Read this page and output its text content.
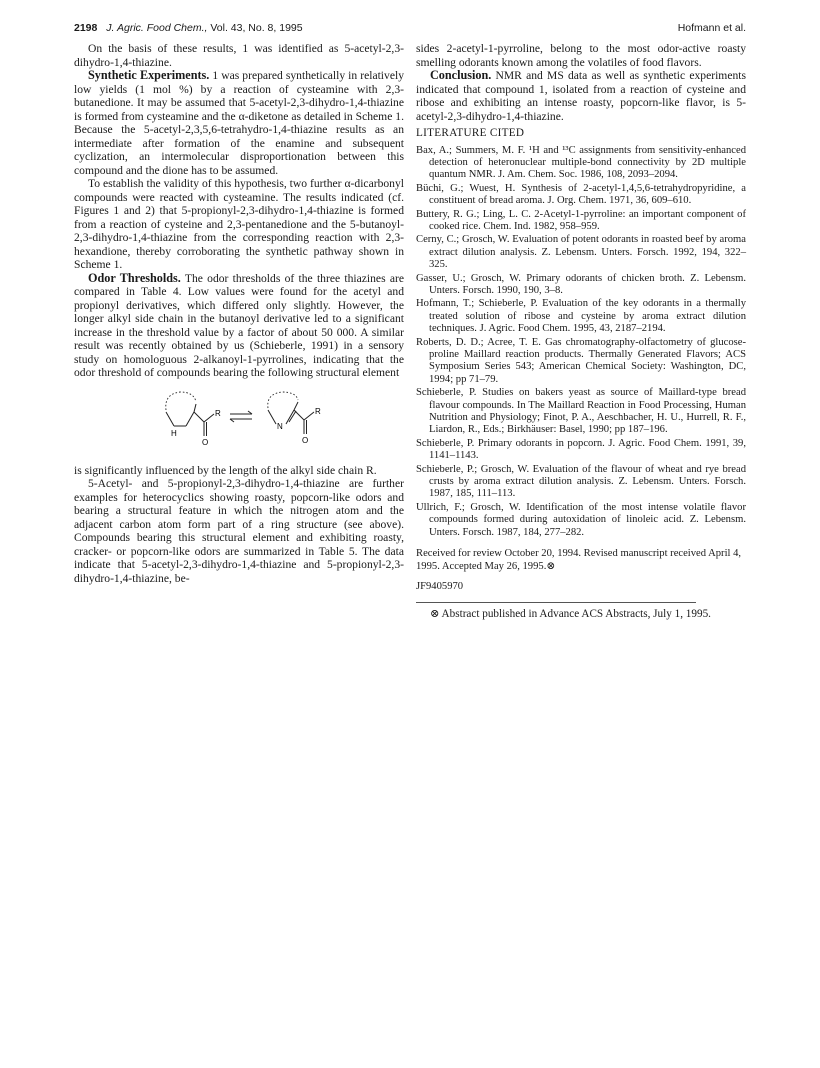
2198 J. Agric. Food Chem., Vol. 43, No. 8, 1995	Hofmann et al.

On the basis of these results, 1 was identified as 5-acetyl-2,3-dihydro-1,4-thiazine.

Synthetic Experiments. 1 was prepared synthetically in relatively low yields (1 mol %) by a reaction of cysteamine with 2,3-butanedione. It may be assumed that 5-acetyl-2,3-dihydro-1,4-thiazine is formed from cysteamine and the α-diketone as detailed in Scheme 1. Because the 5-acetyl-2,3,5,6-tetrahydro-1,4-thiazine results as an intermediate after formation of the enamine and subsequent cyclization, an intermolecular disproportionation between this compound and the dione has to be assumed.

To establish the validity of this hypothesis, two further α-dicarbonyl compounds were reacted with cysteamine. The results indicated (cf. Figures 1 and 2) that 5-propionyl-2,3-dihydro-1,4-thiazine is formed from a reaction of cysteine and 2,3-pentanedione and the 5-butanoyl-2,3-dihydro-1,4-thiazine from the corresponding reaction with 2,3-hexandione, thereby corroborating the synthetic pathway shown in Scheme 1.

Odor Thresholds. The odor thresholds of the three thiazines are compared in Table 4. Low values were found for the acetyl and propionyl derivatives, which differed only slightly. However, the longer alkyl side chain in the butanoyl derivative led to a significant increase in the threshold value by a factor of about 50 000. A similar result was recently obtained by us (Schieberle, 1991) in a sensory study on homologuous 2-alkanoyl-1-pyrrolines, indicating that the odor threshold of compounds bearing the following structural element

R
H
O
N
R
O

is significantly influenced by the length of the alkyl side chain R.

5-Acetyl- and 5-propionyl-2,3-dihydro-1,4-thiazine are further examples for heterocyclics showing roasty, popcorn-like odors and bearing a structural feature in which the nitrogen atom and the adjacent carbon atom form part of a ring structure (see above). Compounds bearing this structural element and exhibiting roasty, cracker- or popcorn-like odors are summarized in Table 5. The data indicate that 5-acetyl-2,3-dihydro-1,4-thiazine and 5-propionyl-2,3-dihydro-1,4-thiazine, be-

sides 2-acetyl-1-pyrroline, belong to the most odor-active roasty smelling odorants known among the volatiles of food flavors.

Conclusion. NMR and MS data as well as synthetic experiments indicated that compound 1, isolated from a reaction of cysteine and ribose and exhibiting an intense roasty, popcorn-like flavor, is 5-acetyl-2,3-dihydro-1,4-thiazine.

LITERATURE CITED
Bax, A.; Summers, M. F. ¹H and ¹³C assignments from sensitivity-enhanced detection of heteronuclear multiple-bond connectivity by 2D multiple quantum NMR. J. Am. Chem. Soc. 1986, 108, 2093–2094.
Büchi, G.; Wuest, H. Synthesis of 2-acetyl-1,4,5,6-tetrahydropyridine, a constituent of bread aroma. J. Org. Chem. 1971, 36, 609–610.
Buttery, R. G.; Ling, L. C. 2-Acetyl-1-pyrroline: an important component of cooked rice. Chem. Ind. 1982, 958–959.
Cerny, C.; Grosch, W. Evaluation of potent odorants in roasted beef by aroma extract dilution analysis. Z. Lebensm. Unters. Forsch. 1992, 194, 322–325.
Gasser, U.; Grosch, W. Primary odorants of chicken broth. Z. Lebensm. Unters. Forsch. 1990, 190, 3–8.
Hofmann, T.; Schieberle, P. Evaluation of the key odorants in a thermally treated solution of ribose and cysteine by aroma extract dilution techniques. J. Agric. Food Chem. 1995, 43, 2187–2194.
Roberts, D. D.; Acree, T. E. Gas chromatography-olfactometry of glucose-proline Maillard reaction products. Thermally Generated Flavors; ACS Symposium Series 543; American Chemical Society: Washington, DC, 1994; pp 71–79.
Schieberle, P. Studies on bakers yeast as source of Maillard-type bread flavour compounds. In The Maillard Reaction in Food Processing, Human Nutrition and Physiology; Finot, P. A., Aeschbacher, H. U., Hurrell, R. F., Liardon, R., Eds.; Birkhäuser: Basel, 1990; pp 187–196.
Schieberle, P. Primary odorants in popcorn. J. Agric. Food Chem. 1991, 39, 1141–1143.
Schieberle, P.; Grosch, W. Evaluation of the flavour of wheat and rye bread crusts by aroma extract dilution analysis. Z. Lebensm. Unters. Forsch. 1987, 185, 111–113.
Ullrich, F.; Grosch, W. Identification of the most intense volatile flavor compounds formed during autoxidation of linoleic acid. Z. Lebensm. Unters. Forsch. 1987, 184, 277–282.
Received for review October 20, 1994. Revised manuscript received April 4, 1995. Accepted May 26, 1995.⊗
JF9405970
⊗ Abstract published in Advance ACS Abstracts, July 1, 1995.
